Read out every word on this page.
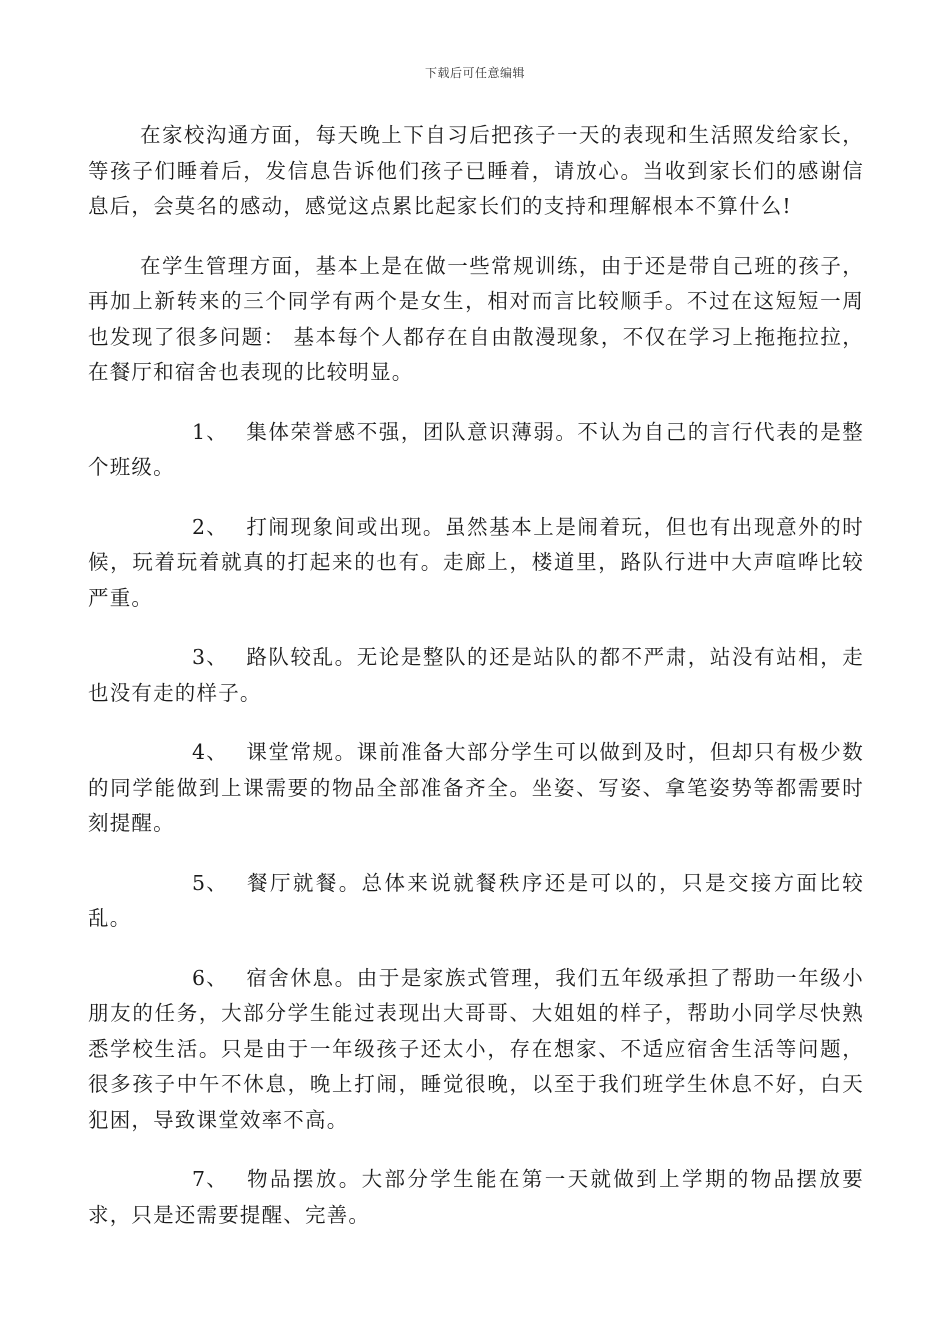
下载后可任意编辑

在家校沟通方面，每天晚上下自习后把孩子一天的表现和生活照发给家长，等孩子们睡着后，发信息告诉他们孩子已睡着，请放心。当收到家长们的感谢信息后，会莫名的感动，感觉这点累比起家长们的支持和理解根本不算什么!

在学生管理方面，基本上是在做一些常规训练，由于还是带自己班的孩子，再加上新转来的三个同学有两个是女生，相对而言比较顺手。不过在这短短一周也发现了很多问题： 基本每个人都存在自由散漫现象，不仅在学习上拖拖拉拉，在餐厅和宿舍也表现的比较明显。

1、 集体荣誉感不强，团队意识薄弱。不认为自己的言行代表的是整个班级。

2、 打闹现象间或出现。虽然基本上是闹着玩，但也有出现意外的时候，玩着玩着就真的打起来的也有。走廊上，楼道里，路队行进中大声喧哗比较严重。

3、 路队较乱。无论是整队的还是站队的都不严肃，站没有站相，走也没有走的样子。

4、 课堂常规。课前准备大部分学生可以做到及时，但却只有极少数的同学能做到上课需要的物品全部准备齐全。坐姿、写姿、拿笔姿势等都需要时刻提醒。

5、 餐厅就餐。总体来说就餐秩序还是可以的，只是交接方面比较乱。

6、 宿舍休息。由于是家族式管理，我们五年级承担了帮助一年级小朋友的任务，大部分学生能过表现出大哥哥、大姐姐的样子，帮助小同学尽快熟悉学校生活。只是由于一年级孩子还太小，存在想家、不适应宿舍生活等问题，很多孩子中午不休息，晚上打闹，睡觉很晚，以至于我们班学生休息不好，白天犯困，导致课堂效率不高。

7、 物品摆放。大部分学生能在第一天就做到上学期的物品摆放要求，只是还需要提醒、完善。
